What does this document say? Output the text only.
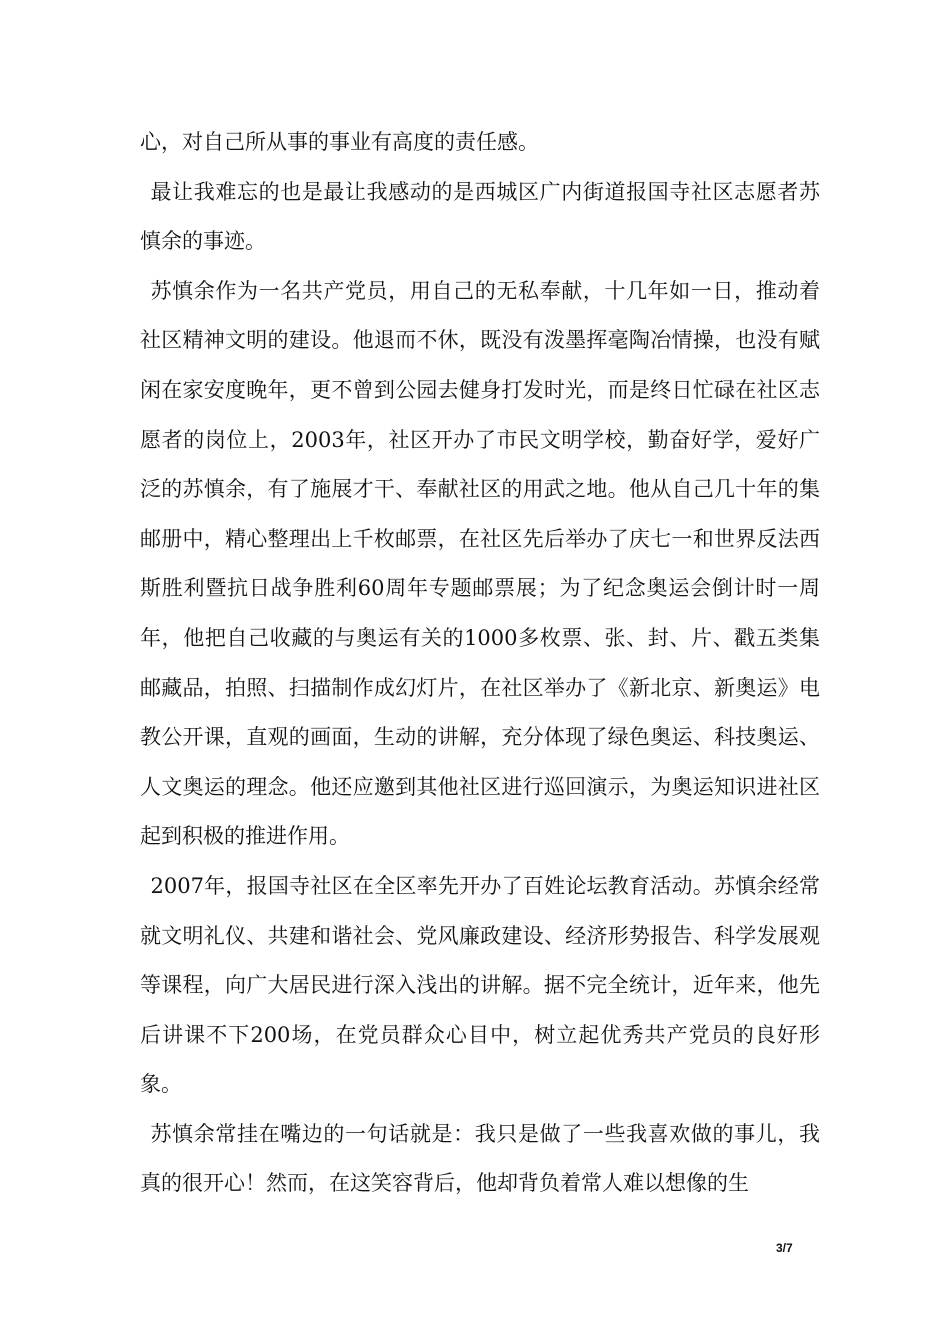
心，对自己所从事的事业有高度的责任感。

最让我难忘的也是最让我感动的是西城区广内街道报国寺社区志愿者苏慎余的事迹。

苏慎余作为一名共产党员，用自己的无私奉献，十几年如一日，推动着社区精神文明的建设。他退而不休，既没有泼墨挥毫陶冶情操，也没有赋闲在家安度晚年，更不曾到公园去健身打发时光，而是终日忙碌在社区志愿者的岗位上，2003年，社区开办了市民文明学校，勤奋好学，爱好广泛的苏慎余，有了施展才干、奉献社区的用武之地。他从自己几十年的集邮册中，精心整理出上千枚邮票，在社区先后举办了庆七一和世界反法西斯胜利暨抗日战争胜利60周年专题邮票展；为了纪念奥运会倒计时一周年，他把自己收藏的与奥运有关的1000多枚票、张、封、片、戳五类集邮藏品，拍照、扫描制作成幻灯片，在社区举办了《新北京、新奥运》电教公开课，直观的画面，生动的讲解，充分体现了绿色奥运、科技奥运、人文奥运的理念。他还应邀到其他社区进行巡回演示，为奥运知识进社区起到积极的推进作用。

2007年，报国寺社区在全区率先开办了百姓论坛教育活动。苏慎余经常就文明礼仪、共建和谐社会、党风廉政建设、经济形势报告、科学发展观等课程，向广大居民进行深入浅出的讲解。据不完全统计，近年来，他先后讲课不下200场，在党员群众心目中，树立起优秀共产党员的良好形象。

苏慎余常挂在嘴边的一句话就是：我只是做了一些我喜欢做的事儿，我真的很开心！然而，在这笑容背后，他却背负着常人难以想像的生

3/7
